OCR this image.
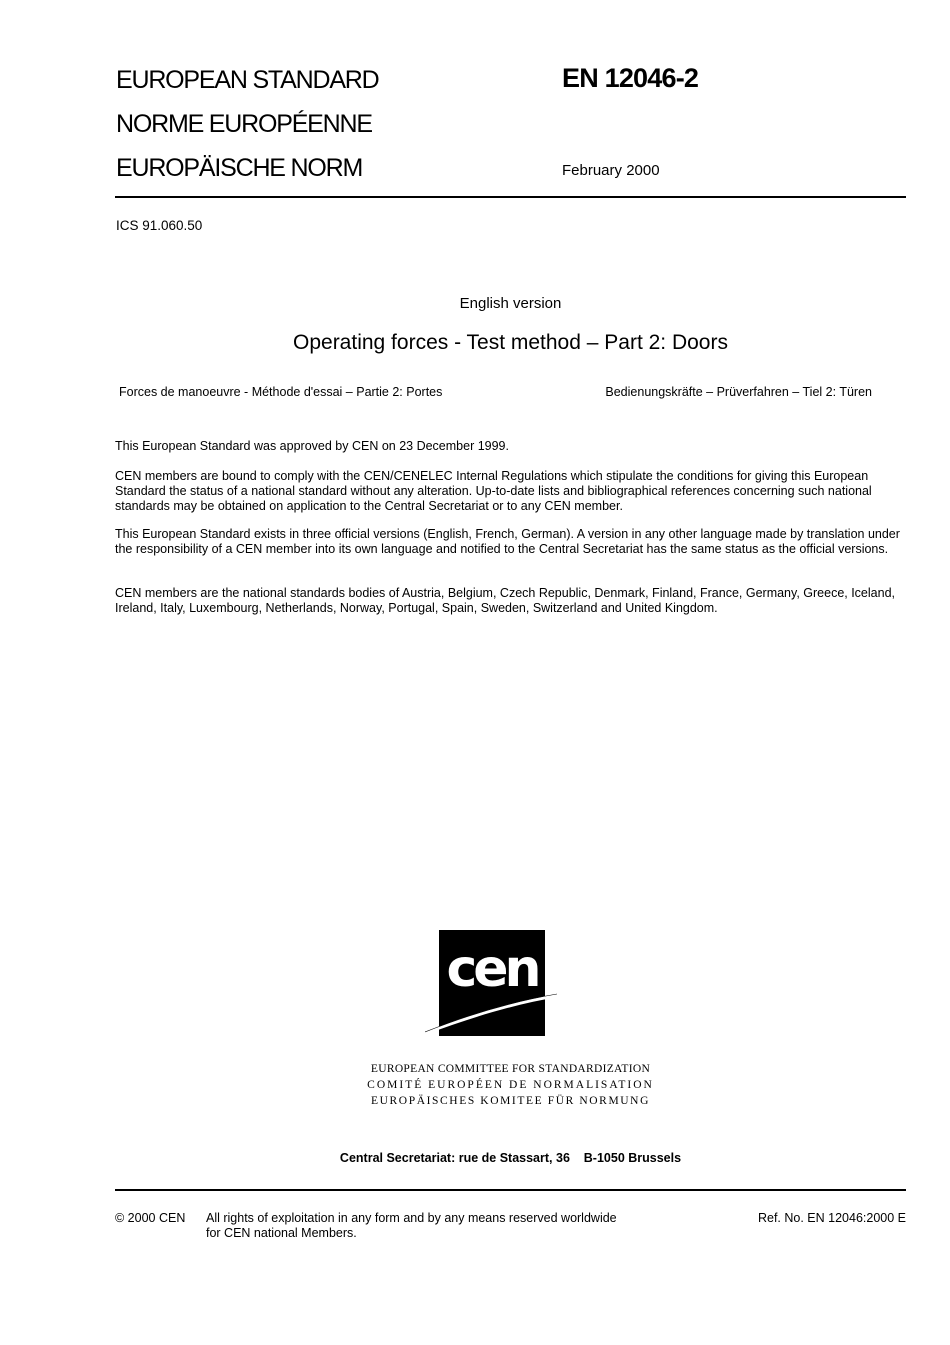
EUROPEAN STANDARD
NORME EUROPÉENNE
EUROPÄISCHE NORM
EN 12046-2
February 2000
ICS 91.060.50
English version
Operating forces - Test method – Part 2: Doors
Forces de manoeuvre - Méthode d'essai – Partie 2: Portes	Bedienungskräfte – Prüverfahren – Tiel 2: Türen

This European Standard was approved by CEN on 23 December 1999.

CEN members are bound to comply with the CEN/CENELEC Internal Regulations which stipulate the conditions for giving this European Standard the status of a national standard without any alteration. Up-to-date lists and bibliographical references concerning such national standards may be obtained on application to the Central Secretariat or to any CEN member.

This European Standard exists in three official versions (English, French, German). A version in any other language made by translation under the responsibility of a CEN member into its own language and notified to the Central Secretariat has the same status as the official versions.

CEN members are the national standards bodies of Austria, Belgium, Czech Republic, Denmark, Finland, France, Germany, Greece, Iceland, Ireland, Italy, Luxembourg, Netherlands, Norway, Portugal, Spain, Sweden, Switzerland and United Kingdom.

cen
EUROPEAN COMMITTEE FOR STANDARDIZATION
COMITÉ EUROPÉEN DE NORMALISATION
EUROPÄISCHES KOMITEE FÜR NORMUNG
Central Secretariat: rue de Stassart, 36    B-1050 Brussels
© 2000 CEN All rights of exploitation in any form and by any means reserved worldwide for CEN national Members.
Ref. No. EN 12046:2000 E
